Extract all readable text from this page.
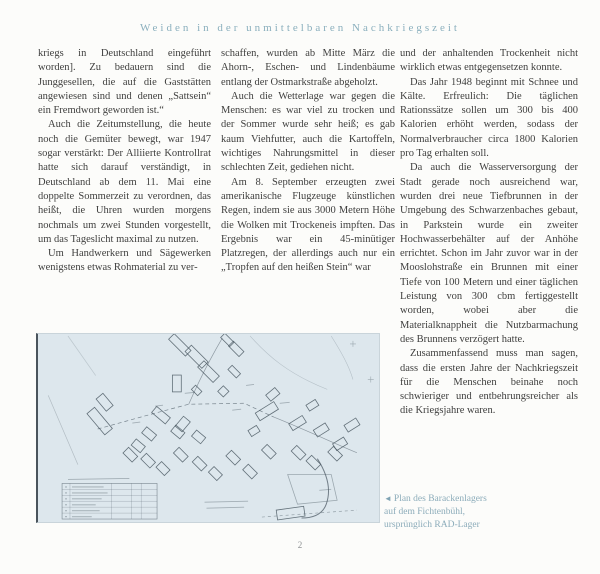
Weiden in der unmittelbaren Nachkriegszeit

kriegs in Deutschland eingeführt worden]. Zu bedauern sind die Junggesellen, die auf die Gaststätten angewiesen sind und denen „Sattsein“ ein Fremdwort geworden ist.“

Auch die Zeitumstellung, die heute noch die Gemüter bewegt, war 1947 sogar verstärkt: Der Alliierte Kontrollrat hatte sich darauf verständigt, in Deutschland ab dem 11. Mai eine doppelte Sommerzeit zu verordnen, das heißt, die Uhren wurden morgens nochmals um zwei Stunden vorgestellt, um das Tageslicht maximal zu nutzen.

Um Handwerkern und Sägewerken wenigstens etwas Rohmaterial zu ver-

schaffen, wurden ab Mitte März die Ahorn-, Eschen- und Lindenbäume entlang der Ostmarkstraße abgeholzt.

Auch die Wetterlage war gegen die Menschen: es war viel zu trocken und der Sommer wurde sehr heiß; es gab kaum Viehfutter, auch die Kartoffeln, wichtiges Nahrungsmittel in dieser schlechten Zeit, gediehen nicht.

Am 8. September erzeugten zwei amerikanische Flugzeuge künstlichen Regen, indem sie aus 3000 Metern Höhe die Wolken mit Trockeneis impften. Das Ergebnis war ein 45-minütiger Platzregen, der allerdings auch nur ein „Tropfen auf den heißen Stein“ war

und der anhaltenden Trockenheit nicht wirklich etwas entgegensetzen konnte.

Das Jahr 1948 beginnt mit Schnee und Kälte. Erfreulich: Die täglichen Rationssätze sollen um 300 bis 400 Kalorien erhöht werden, sodass der Normalverbraucher circa 1800 Kalorien pro Tag erhalten soll.

Da auch die Wasserversorgung der Stadt gerade noch ausreichend war, wurden drei neue Tiefbrunnen in der Umgebung des Schwarzenbaches gebaut, in Parkstein wurde ein zweiter Hochwasserbehälter auf der Anhöhe errichtet. Schon im Jahr zuvor war in der Mooslohstraße ein Brunnen mit einer Tiefe von 100 Metern und einer täglichen Leistung von 300 cbm fertiggestellt worden, wobei aber die Materialknappheit die Nutzbarmachung des Brunnens verzögert hatte.

Zusammenfassend muss man sagen, dass die ersten Jahre der Nachkriegszeit für die Menschen beinahe noch schwieriger und entbehrungsreicher als die Kriegsjahre waren.

◄ Plan des Barackenlagers
auf dem Fichtenbühl,
ursprünglich RAD-Lager
2
